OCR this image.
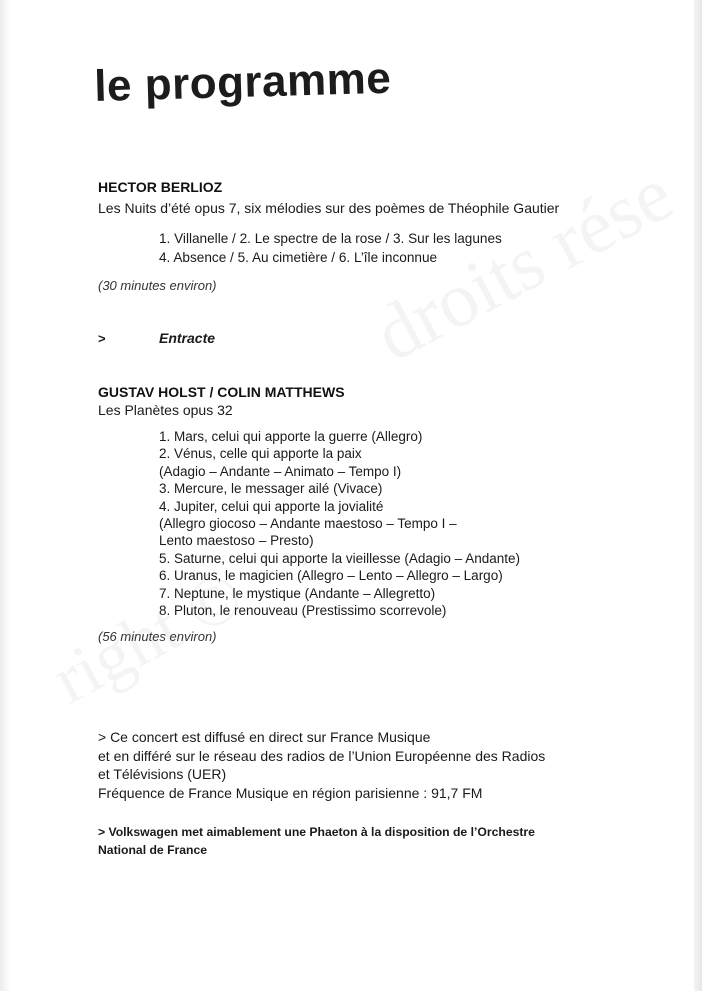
le programme
HECTOR BERLIOZ
Les Nuits d’été opus 7, six mélodies sur des poèmes de Théophile Gautier
1. Villanelle / 2. Le spectre de la rose / 3. Sur les lagunes
4. Absence / 5. Au cimetière / 6. L’île inconnue
(30 minutes environ)
>	Entracte
GUSTAV HOLST / COLIN MATTHEWS
Les Planètes opus 32
1. Mars, celui qui apporte la guerre (Allegro)
2. Vénus, celle qui apporte la paix
(Adagio – Andante – Animato – Tempo I)
3. Mercure, le messager ailé (Vivace)
4. Jupiter, celui qui apporte la jovialité
(Allegro giocoso – Andante maestoso – Tempo I –
Lento maestoso – Presto)
5. Saturne, celui qui apporte la vieillesse (Adagio – Andante)
6. Uranus, le magicien (Allegro – Lento – Allegro – Largo)
7. Neptune, le mystique (Andante – Allegretto)
8. Pluton, le renouveau (Prestissimo scorrevole)
(56 minutes environ)
> Ce concert est diffusé en direct sur France Musique
et en différé sur le réseau des radios de l’Union Européenne des Radios
et Télévisions (UER)
Fréquence de France Musique en région parisienne : 91,7 FM
> Volkswagen met aimablement une Phaeton à la disposition de l’Orchestre
National de France
